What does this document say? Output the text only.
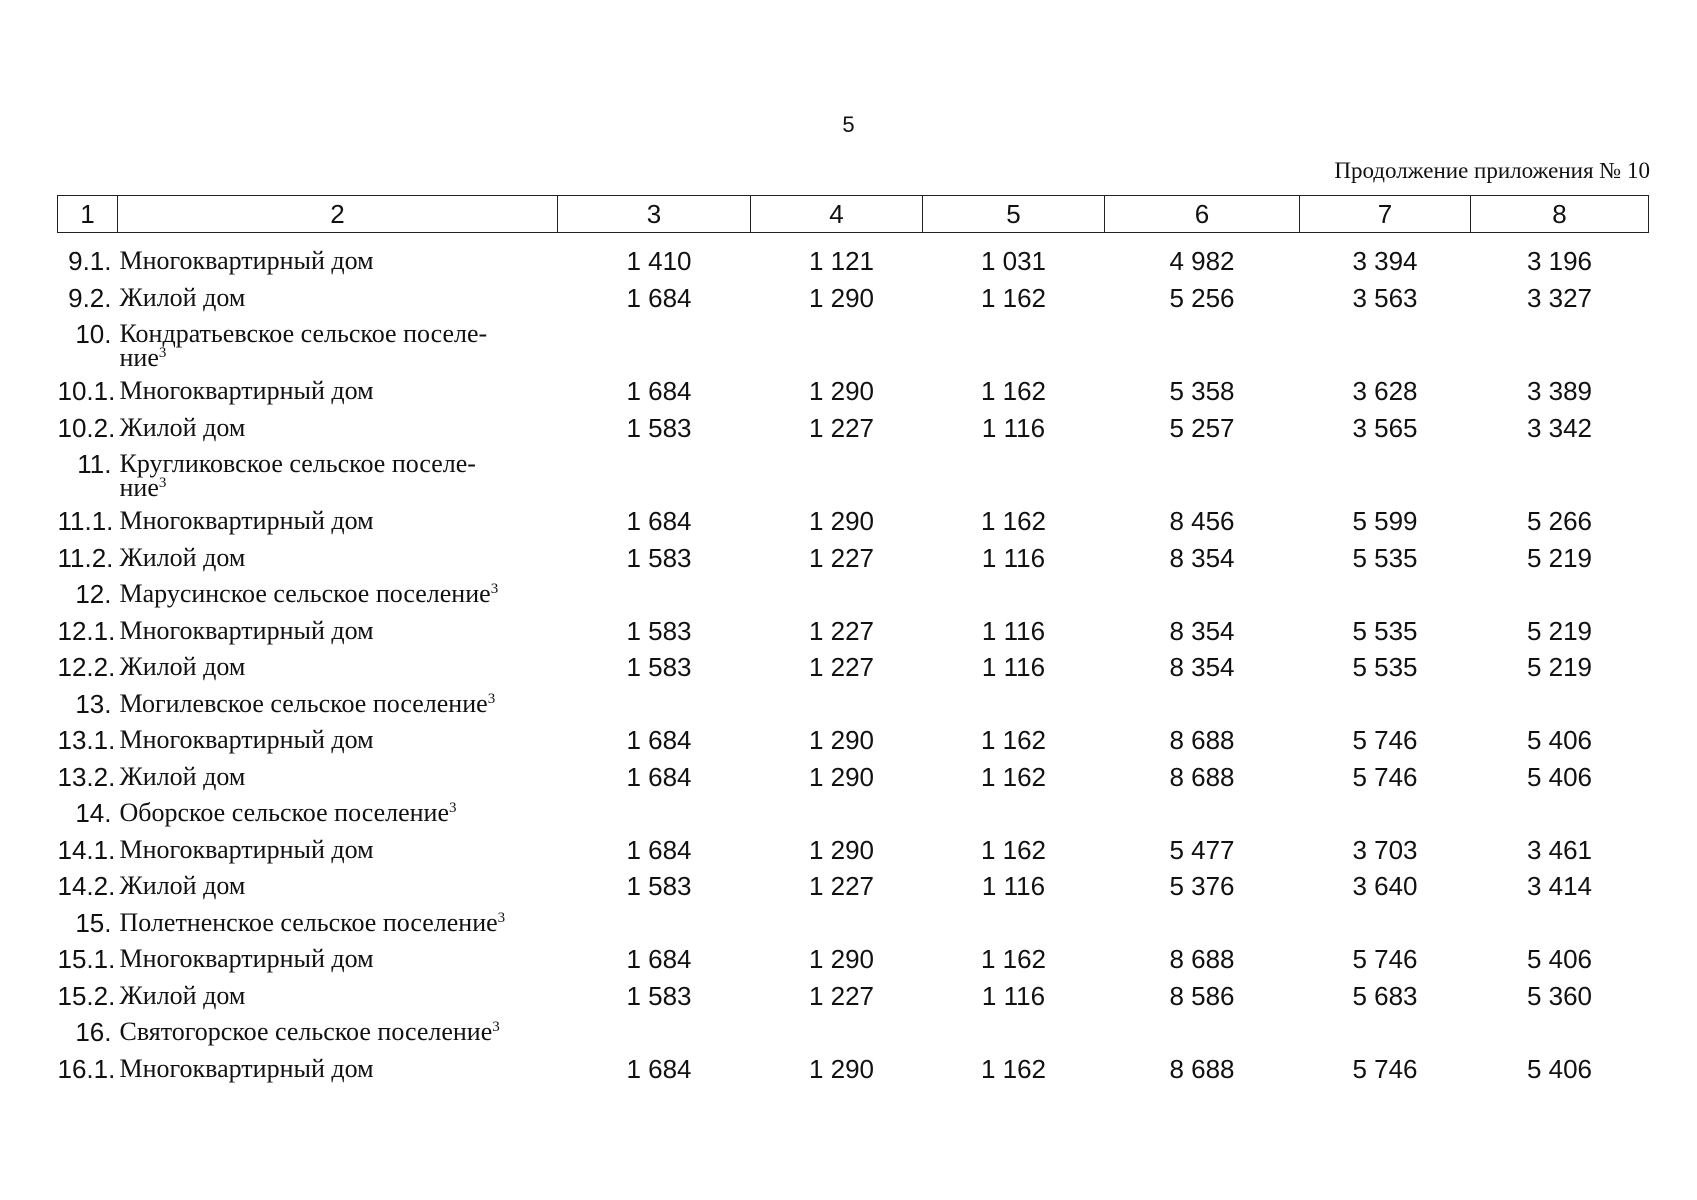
5
Продолжение приложения № 10
1	2	3	4	5	6	7	8

9.1.	Многоквартирный дом	1 410	1 121	1 031	4 982	3 394	3 196
9.2.	Жилой дом	1 684	1 290	1 162	5 256	3 563	3 327
10.	Кондратьевское сельское поселе-
ние$^3$

10.1.	Многоквартирный дом	1 684	1 290	1 162	5 358	3 628	3 389
10.2.	Жилой дом	1 583	1 227	1 116	5 257	3 565	3 342
11.	Кругликовское сельское поселе-
ние$^3$

11.1.	Многоквартирный дом	1 684	1 290	1 162	8 456	5 599	5 266
11.2.	Жилой дом	1 583	1 227	1 116	8 354	5 535	5 219
12.	Марусинское сельское поселение$^3$
12.1.	Многоквартирный дом	1 583	1 227	1 116	8 354	5 535	5 219
12.2.	Жилой дом	1 583	1 227	1 116	8 354	5 535	5 219
13.	Могилевское сельское поселение$^3$
13.1.	Многоквартирный дом	1 684	1 290	1 162	8 688	5 746	5 406
13.2.	Жилой дом	1 684	1 290	1 162	8 688	5 746	5 406
14.	Оборское сельское поселение$^3$
14.1.	Многоквартирный дом	1 684	1 290	1 162	5 477	3 703	3 461
14.2.	Жилой дом	1 583	1 227	1 116	5 376	3 640	3 414
15.	Полетненское сельское поселение$^3$
15.1.	Многоквартирный дом	1 684	1 290	1 162	8 688	5 746	5 406
15.2.	Жилой дом	1 583	1 227	1 116	8 586	5 683	5 360
16.	Святогорское сельское поселение$^3$
16.1.	Многоквартирный дом	1 684	1 290	1 162	8 688	5 746	5 406
